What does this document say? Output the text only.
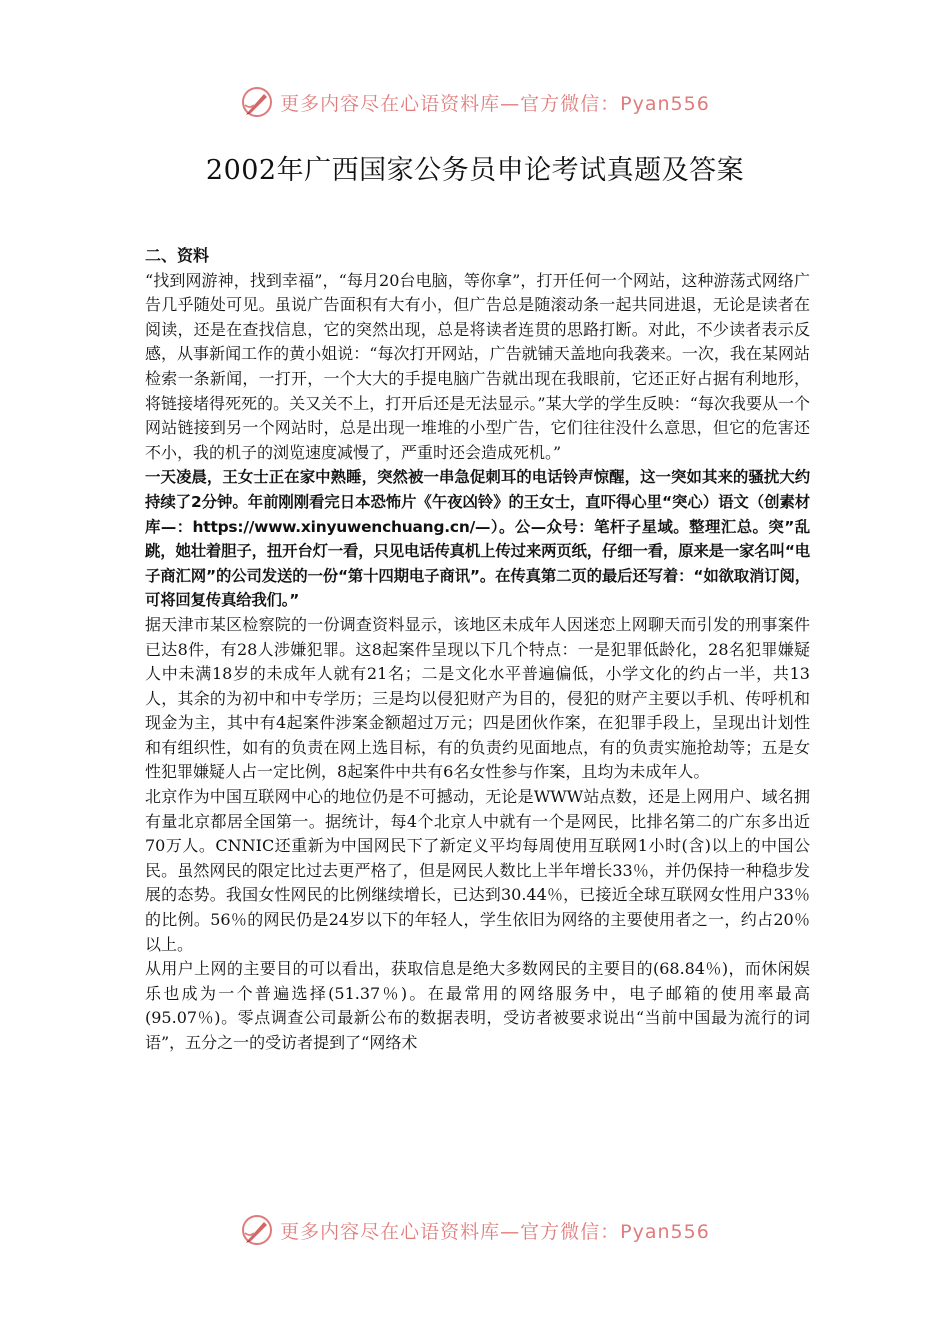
更多内容尽在心语资料库—官方微信：Pyan556
2002年广西国家公务员申论考试真题及答案

二、资料

“找到网游神，找到幸福”，“每月20台电脑，等你拿”，打开任何一个网站，这种游荡式网络广告几乎随处可见。虽说广告面积有大有小，但广告总是随滚动条一起共同进退，无论是读者在阅读，还是在查找信息，它的突然出现，总是将读者连贯的思路打断。对此，不少读者表示反感，从事新闻工作的黄小姐说：“每次打开网站，广告就铺天盖地向我袭来。一次，我在某网站检索一条新闻，一打开，一个大大的手提电脑广告就出现在我眼前，它还正好占据有利地形，将链接堵得死死的。关又关不上，打开后还是无法显示。”某大学的学生反映：“每次我要从一个网站链接到另一个网站时，总是出现一堆堆的小型广告，它们往往没什么意思，但它的危害还不小，我的机子的浏览速度减慢了，严重时还会造成死机。”

一天凌晨，王女士正在家中熟睡，突然被一串急促刺耳的电话铃声惊醒，这一突如其来的骚扰大约持续了2分钟。年前刚刚看完日本恐怖片《午夜凶铃》的王女士，直吓得心里“突心）语文（创素材库—：https://www.xinyuwenchuang.cn/—）。公—众号：笔杆子星域。整理汇总。突”乱跳，她壮着胆子，扭开台灯一看，只见电话传真机上传过来两页纸，仔细一看，原来是一家名叫“电子商汇网”的公司发送的一份“第十四期电子商讯”。在传真第二页的最后还写着：“如欲取消订阅，可将回复传真给我们。”

据天津市某区检察院的一份调查资料显示，该地区未成年人因迷恋上网聊天而引发的刑事案件已达8件，有28人涉嫌犯罪。这8起案件呈现以下几个特点：一是犯罪低龄化，28名犯罪嫌疑人中未满18岁的未成年人就有21名；二是文化水平普遍偏低，小学文化的约占一半，共13人，其余的为初中和中专学历；三是均以侵犯财产为目的，侵犯的财产主要以手机、传呼机和现金为主，其中有4起案件涉案金额超过万元；四是团伙作案，在犯罪手段上，呈现出计划性和有组织性，如有的负责在网上选目标，有的负责约见面地点，有的负责实施抢劫等；五是女性犯罪嫌疑人占一定比例，8起案件中共有6名女性参与作案，且均为未成年人。

北京作为中国互联网中心的地位仍是不可撼动，无论是WWW站点数，还是上网用户、域名拥有量北京都居全国第一。据统计，每4个北京人中就有一个是网民，比排名第二的广东多出近70万人。CNNIC还重新为中国网民下了新定义平均每周使用互联网1小时(含)以上的中国公民。虽然网民的限定比过去更严格了，但是网民人数比上半年增长33％，并仍保持一种稳步发展的态势。我国女性网民的比例继续增长，已达到30.44％，已接近全球互联网女性用户33％的比例。56％的网民仍是24岁以下的年轻人，学生依旧为网络的主要使用者之一，约占20％以上。

从用户上网的主要目的可以看出，获取信息是绝大多数网民的主要目的(68.84％)，而休闲娱乐也成为一个普遍选择(51.37％)。在最常用的网络服务中，电子邮箱的使用率最高(95.07％)。零点调查公司最新公布的数据表明，受访者被要求说出“当前中国最为流行的词语”，五分之一的受访者提到了“网络术

更多内容尽在心语资料库—官方微信：Pyan556
